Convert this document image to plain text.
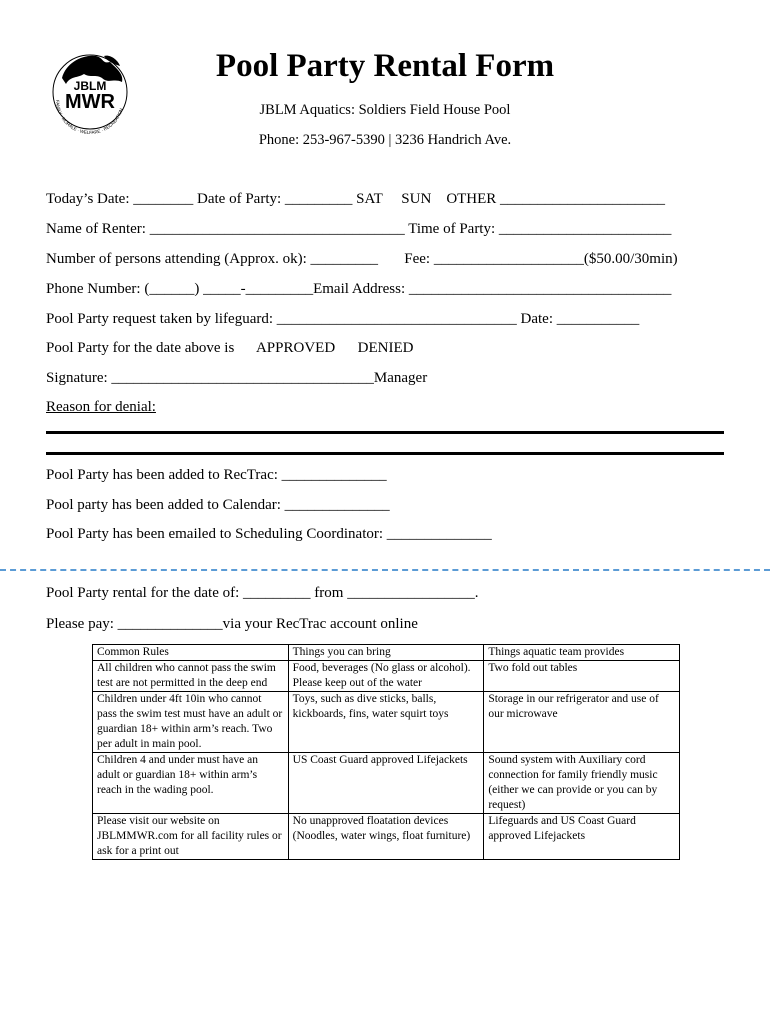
JBLM
MWR
FAMILY · MORALE · WELFARE · RECREATION
Pool Party Rental Form
JBLM Aquatics: Soldiers Field House Pool
Phone: 253-967-5390 | 3236 Handrich Ave.
Today’s Date: ________ Date of Party: _________ SAT     SUN    OTHER ______________________
Name of Renter: __________________________________ Time of Party: _______________________
Number of persons attending (Approx. ok): _________       Fee: ____________________($50.00/30min)
Phone Number: (______) _____-_________Email Address: ___________________________________
Pool Party request taken by lifeguard: ________________________________ Date: ___________
Pool Party for the date above is      APPROVED      DENIED
Signature: ___________________________________Manager
Reason for denial:
Pool Party has been added to RecTrac: ______________
Pool party has been added to Calendar: ______________
Pool Party has been emailed to Scheduling Coordinator: ______________
Pool Party rental for the date of: _________ from _________________.
Please pay: ______________via your RecTrac account online
Common Rules	Things you can bring	Things aquatic team provides
All children who cannot pass the swim test are not permitted in the deep end	Food, beverages (No glass or alcohol). Please keep out of the water	Two fold out tables
Children under 4ft 10in who cannot pass the swim test must have an adult or guardian 18+ within arm’s reach. Two per adult in main pool.	Toys, such as dive sticks, balls, kickboards, fins, water squirt toys	Storage in our refrigerator and use of our microwave
Children 4 and under must have an adult or guardian 18+ within arm’s reach in the wading pool.	US Coast Guard approved Lifejackets	Sound system with Auxiliary cord connection for family friendly music (either we can provide or you can by request)
Please visit our website on JBLMMWR.com for all facility rules or ask for a print out	No unapproved floatation devices (Noodles, water wings, float furniture)	Lifeguards and US Coast Guard approved Lifejackets
